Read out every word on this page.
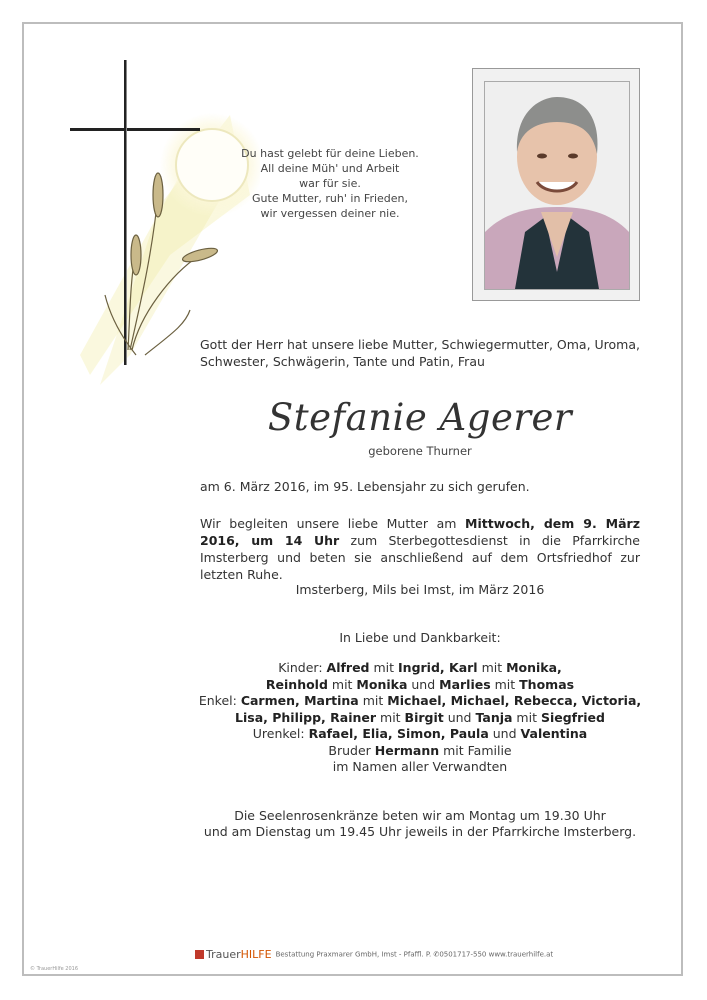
Du hast gelebt für deine Lieben.
All deine Müh' und Arbeit
war für sie.
Gute Mutter, ruh' in Frieden,
wir vergessen deiner nie.
Gott der Herr hat unsere liebe Mutter, Schwiegermutter, Oma, Uroma, Schwester, Schwägerin, Tante und Patin, Frau
Stefanie Agerer
geborene Thurner
am 6. März 2016, im 95. Lebensjahr zu sich gerufen.
Wir begleiten unsere liebe Mutter am Mittwoch, dem 9. März 2016, um 14 Uhr zum Sterbegottesdienst in die Pfarrkirche Imsterberg und beten sie anschließend auf dem Ortsfriedhof zur letzten Ruhe.
Imsterberg, Mils bei Imst, im März 2016
In Liebe und Dankbarkeit:
Kinder: Alfred mit Ingrid, Karl mit Monika,
Reinhold mit Monika und Marlies mit Thomas
Enkel: Carmen, Martina mit Michael, Michael, Rebecca, Victoria,
Lisa, Philipp, Rainer mit Birgit und Tanja mit Siegfried
Urenkel: Rafael, Elia, Simon, Paula und Valentina
Bruder Hermann mit Familie
im Namen aller Verwandten
Die Seelenrosenkränze beten wir am Montag um 19.30 Uhr
und am Dienstag um 19.45 Uhr jeweils in der Pfarrkirche Imsterberg.
TrauerHILFE Bestattung Praxmarer GmbH, Imst - Pfaffl. P. ✆0501717-550 www.trauerhilfe.at
© TrauerHilfe 2016
